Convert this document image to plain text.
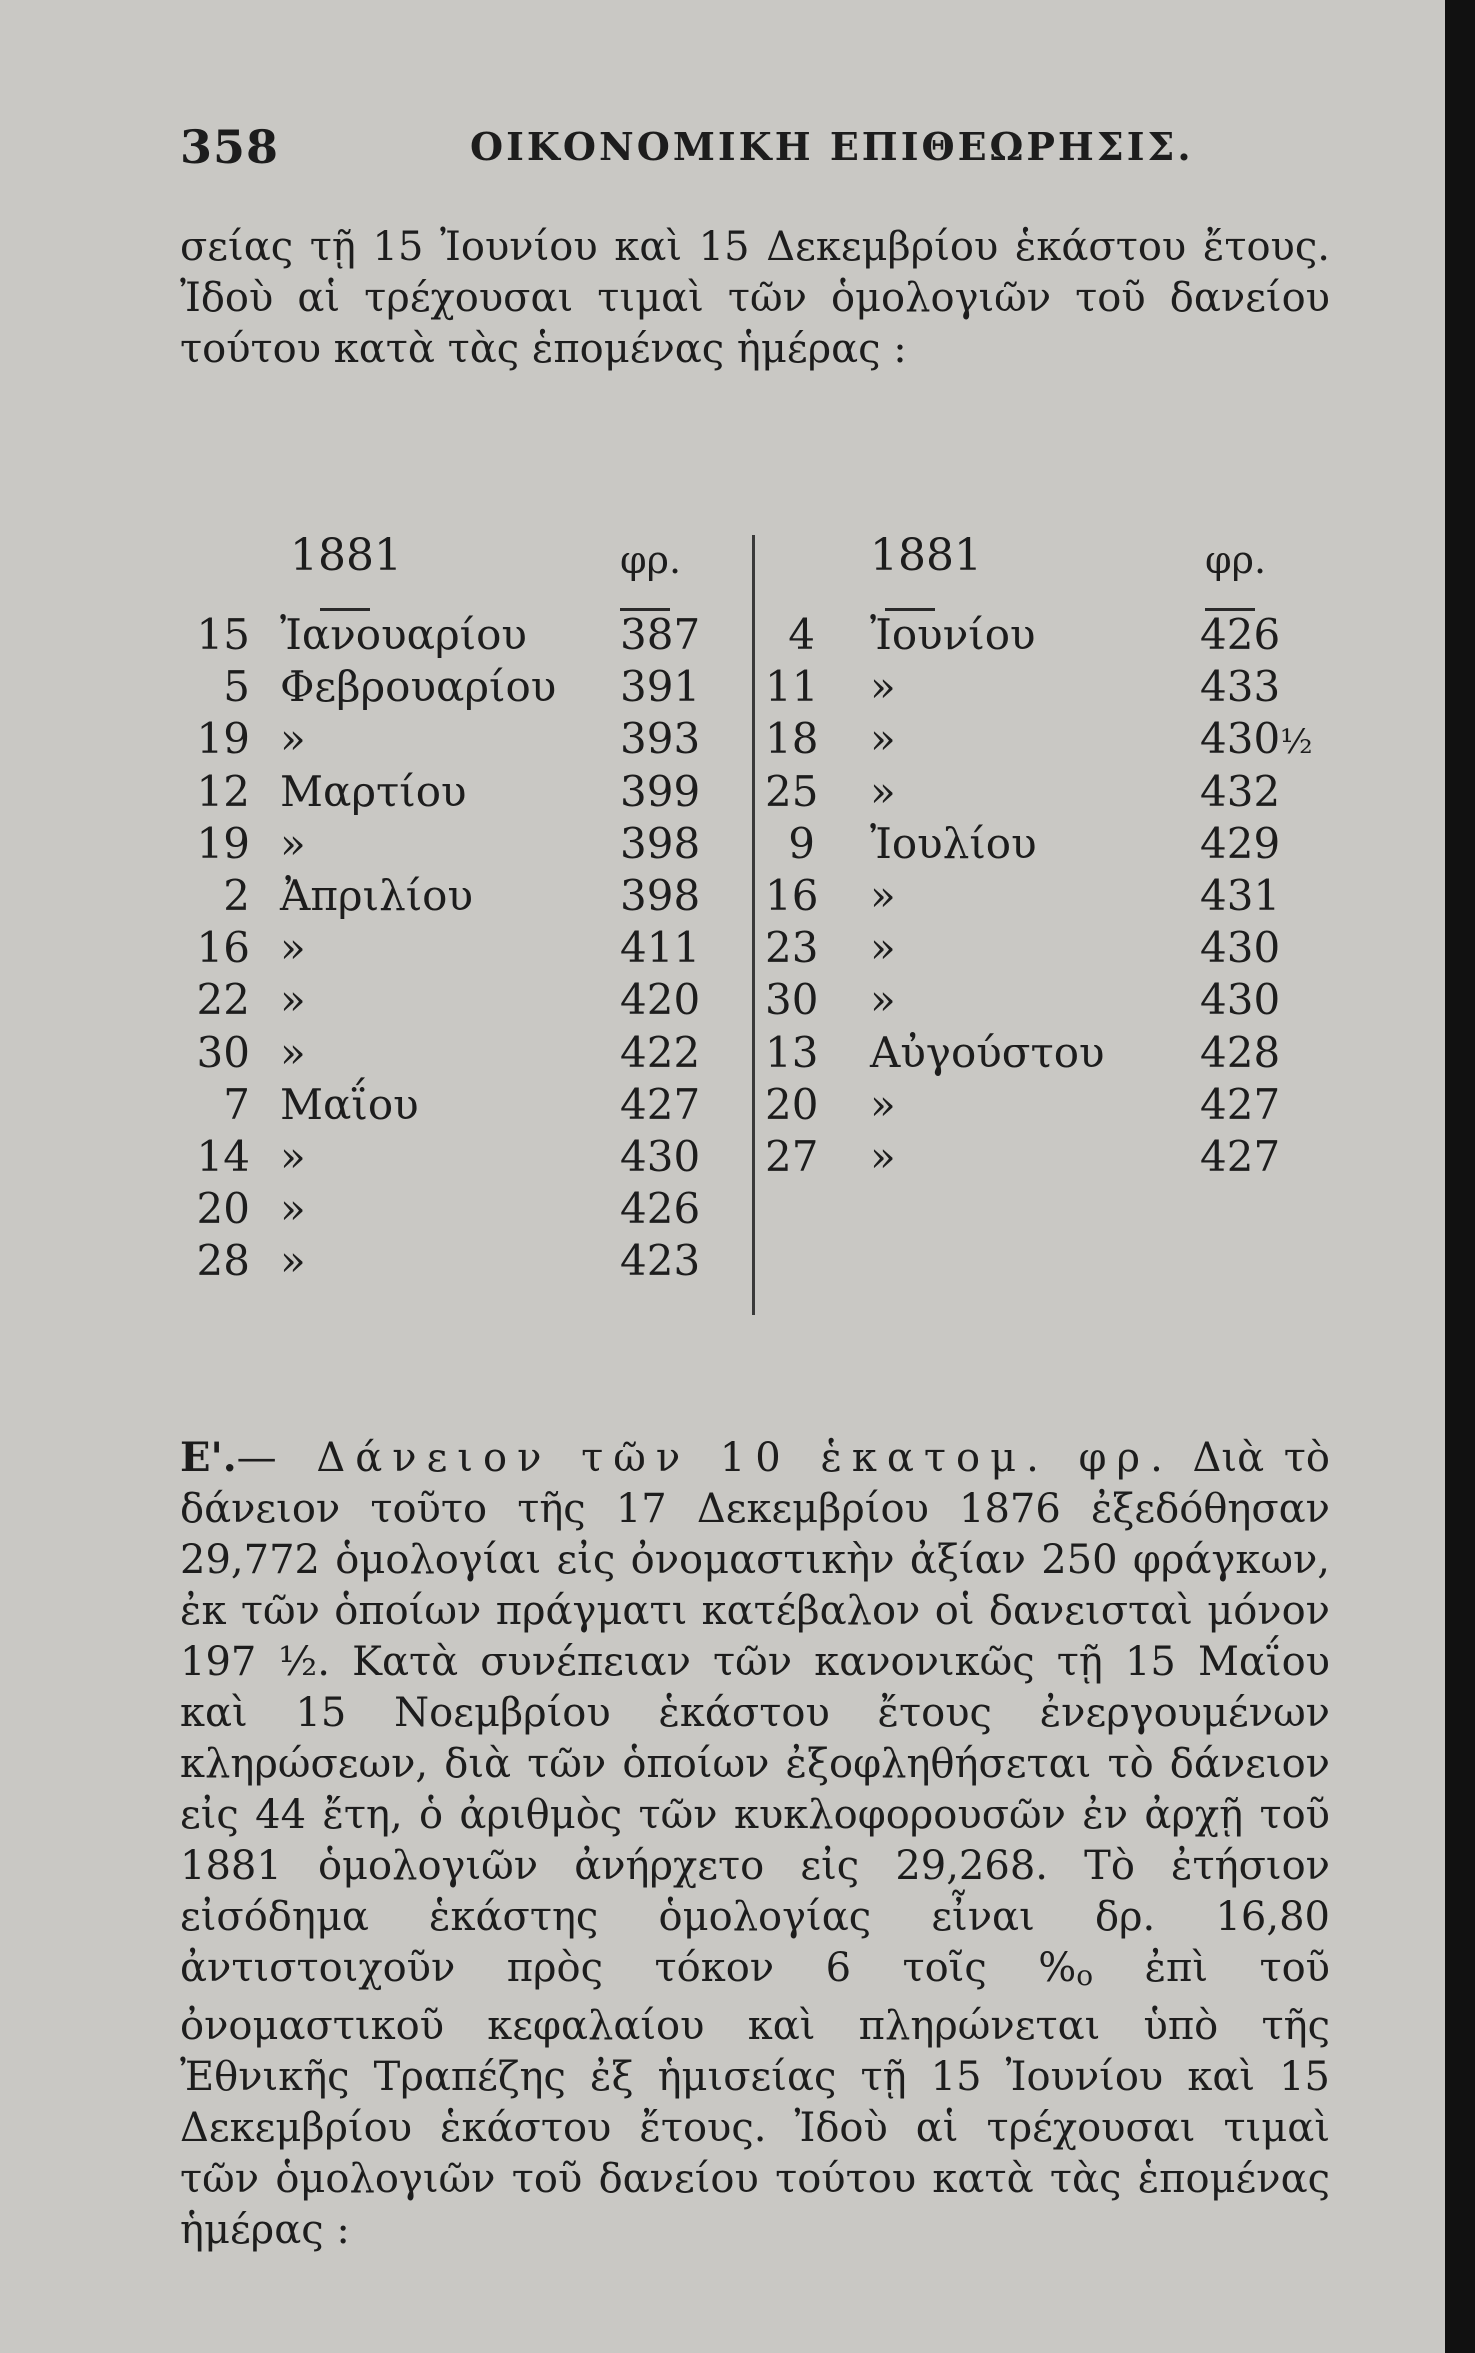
358	ΟΙΚΟΝΟΜΙΚΗ ΕΠΙΘΕΩΡΗΣΙΣ.

σείας τῇ 15 Ἰουνίου καὶ 15 Δεκεμβρίου ἑκάστου ἔτους. Ἰδοὺ αἱ τρέχουσαι τιμαὶ τῶν ὁμολογιῶν τοῦ δανείου τούτου κατὰ τὰς ἑπομένας ἡμέρας :

1881	φρ.
15 Ἰανουαρίου 387
5 Φεβρουαρίου 391
19 »	393
12 Μαρτίου	399
19 »	398
2 Ἀπριλίου	398
16 »	411
22 »	420
30 »	422
7 Μαΐου	427
14 »	430
20 »	426
28 »	423
1881	φρ.
4 Ἰουνίου	426
11 »	433
18 »	430½
25 »	432
9 Ἰουλίου	429
16 »	431
23 »	430
30 »	430
13 Αὐγούστου 428
20 »	427
27 »	427

Ε'.— Δάνειον τῶν 10 ἑκατομ. φρ. Διὰ τὸ δάνειον τοῦτο τῆς 17 Δεκεμβρίου 1876 ἐξεδόθησαν 29,772 ὁμολογίαι εἰς ὀνομαστικὴν ἀξίαν 250 φράγκων, ἐκ τῶν ὁποίων πράγματι κατέβαλον οἱ δανεισταὶ μόνον 197 ½. Κατὰ συνέπειαν τῶν κανονικῶς τῇ 15 Μαΐου καὶ 15 Νοεμβρίου ἑκάστου ἔτους ἐνεργουμένων κληρώσεων, διὰ τῶν ὁποίων ἐξοφληθήσεται τὸ δάνειον εἰς 44 ἔτη, ὁ ἀριθμὸς τῶν κυκλοφορουσῶν ἐν ἀρχῇ τοῦ 1881 ὁμολογιῶν ἀνήρχετο εἰς 29,268. Τὸ ἐτήσιον εἰσόδημα ἑκάστης ὁμολογίας εἶναι δρ. 16,80 ἀντιστοιχοῦν πρὸς τόκον 6 τοῖς %o ἐπὶ τοῦ ὀνομαστικοῦ κεφαλαίου καὶ πληρώνεται ὑπὸ τῆς Ἐθνικῆς Τραπέζης ἐξ ἡμισείας τῇ 15 Ἰουνίου καὶ 15 Δεκεμβρίου ἑκάστου ἔτους. Ἰδοὺ αἱ τρέχουσαι τιμαὶ τῶν ὁμολογιῶν τοῦ δανείου τούτου κατὰ τὰς ἑπομένας ἡμέρας :
